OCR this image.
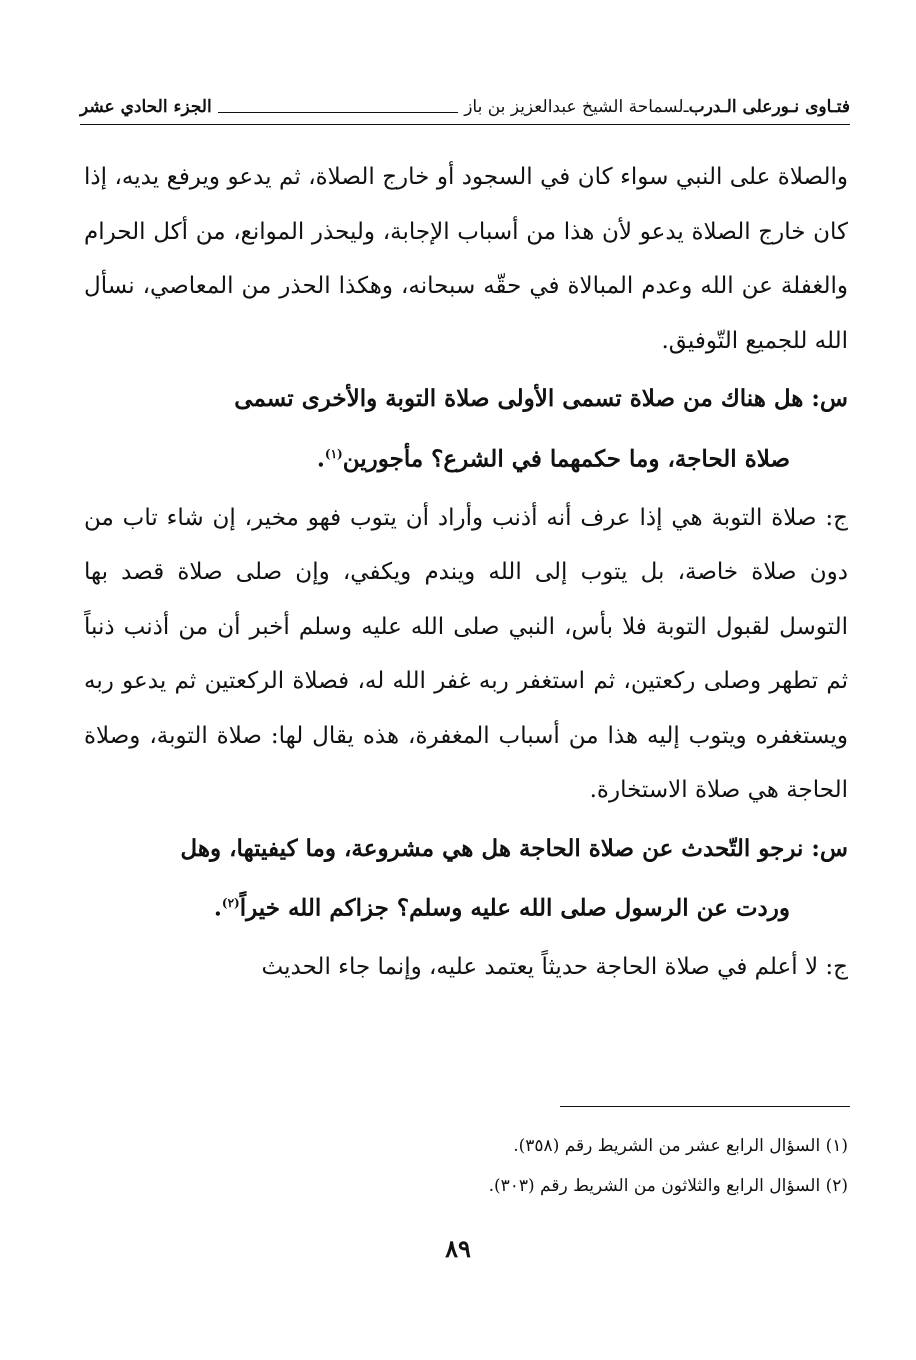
فتـاوى نـورعلى الـدرب
ـ
لسماحة الشيخ عبدالعزيز بن باز
الجزء الحادي عشر

والصلاة على النبي سواء كان في السجود أو خارج الصلاة، ثم يدعو ويرفع يديه، إذا كان خارج الصلاة يدعو لأن هذا من أسباب الإجابة، وليحذر الموانع، من أكل الحرام والغفلة عن الله وعدم المبالاة في حقّه سبحانه، وهكذا الحذر من المعاصي، نسأل الله للجميع التّوفيق.

س: هل هناك من صلاة تسمى الأولى صلاة التوبة والأخرى تسمى
صلاة الحاجة، وما حكمهما في الشرع؟ مأجورين$^{(١)}$.

ج: صلاة التوبة هي إذا عرف أنه أذنب وأراد أن يتوب فهو مخير، إن شاء تاب من دون صلاة خاصة، بل يتوب إلى الله ويندم ويكفي، وإن صلى صلاة قصد بها التوسل لقبول التوبة فلا بأس، النبي صلى الله عليه وسلم أخبر أن من أذنب ذنباً ثم تطهر وصلى ركعتين، ثم استغفر ربه غفر الله له، فصلاة الركعتين ثم يدعو ربه ويستغفره ويتوب إليه هذا من أسباب المغفرة، هذه يقال لها: صلاة التوبة، وصلاة الحاجة هي صلاة الاستخارة.

س: نرجو التّحدث عن صلاة الحاجة هل هي مشروعة، وما كيفيتها، وهل
وردت عن الرسول صلى الله عليه وسلم؟ جزاكم الله خيراً$^{(٢)}$.

ج: لا أعلم في صلاة الحاجة حديثاً يعتمد عليه، وإنما جاء الحديث

(١) السؤال الرابع عشر من الشريط رقم (٣٥٨).

(٢) السؤال الرابع والثلاثون من الشريط رقم (٣٠٣).

٨٩
